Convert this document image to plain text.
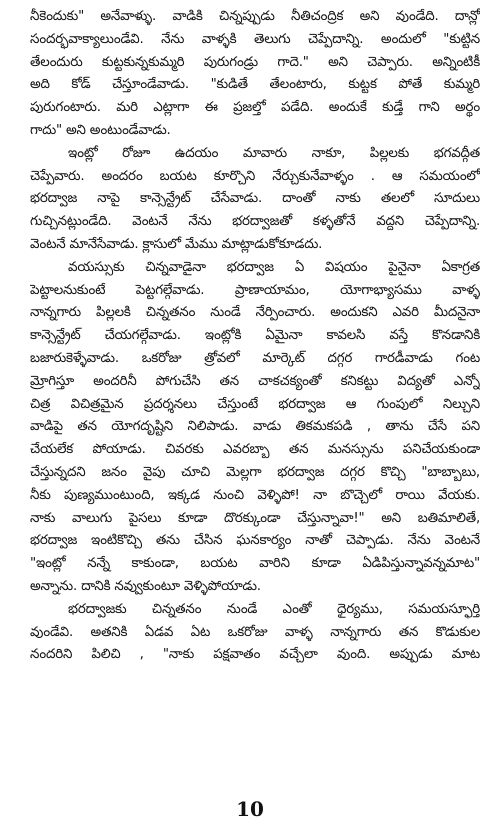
నీకెందుకు" అనేవాళ్ళు. వాడికి చిన్నప్పుడు నీతిచంద్రిక అని వుండేది. దాన్లో
సందర్భవాక్యాలుండేవి. నేను వాళ్ళకి తెలుగు చెప్పేదాన్ని. అందులో "కుట్టిన
తేలందురు కుట్టకున్నకుమ్మరి పురుగండ్రు గాదె." అని చెప్పారు. అన్నింటికీ
అది కోడ్ చేస్తూండేవాడు. "కుడితే తేలంటారు, కుట్టక పోతే కుమ్మరి
పురుగంటారు. మరి ఎట్లాగా ఈ ప్రజల్తో పడేది. అందుకే కుడ్తే గాని అర్థం
గాదు" అని అంటుండేవాడు.
ఇంట్లో రోజూ ఉదయం మావారు నాకూ, పిల్లలకు భగవద్గీత
చెప్పేవారు. అందరం బయట కూర్చొని నేర్చుకునేవాళ్ళం . ఆ సమయంలో
భరద్వాజ నాపై కాన్సెన్ట్రేట్ చేసేవాడు. దాంతో నాకు తలలో సూదులు
గుచ్చినట్లుండేది. వెంటనే నేను భరద్వాజతో కళ్ళతోనే వద్దని చెప్పేదాన్ని.
వెంటనే మానేసేవాడు. క్లాసులో మేము మాట్లాడుకోకూడదు.
వయస్సుకు చిన్నవాడైనా భరద్వాజ ఏ విషయం పైనైనా ఏకాగ్రత
పెట్టాలనుకుంటే పెట్టగల్గేవాడు. ప్రాణాయామం, యోగాభ్యాసము వాళ్ళ
నాన్నగారు పిల్లలకి చిన్నతనం నుండే నేర్పించారు. అందుకని ఎవరి మీదనైనా
కాన్సెన్ట్రేట్ చేయగల్గేవాడు. ఇంట్లోకి ఏమైనా కావలసి వస్తే కొనడానికి
బజారుకెళ్ళేవాడు. ఒకరోజు త్రోవలో మార్కెట్ దగ్గర గారడీవాడు గంట
మ్రోగిస్తూ అందరినీ పోగుచేసి తన చాకచక్యంతో కనికట్టు విద్యతో ఎన్నో
చిత్ర విచిత్రమైన ప్రదర్శనలు చేస్తుంటే భరద్వాజ ఆ గుంపులో నిల్చుని
వాడిపై తన యోగదృష్టిని నిలిపాడు. వాడు తికమకపడి , తాను చేసే పని
చేయలేక పోయాడు. చివరకు ఎవరబ్బా తన మనస్సును పనిచేయకుండా
చేస్తున్నదని జనం వైపు చూచి మెల్లగా భరద్వాజ దగ్గర కొచ్చి "బాబ్బాబు,
నీకు పుణ్యముంటుంది, ఇక్కడ నుంచి వెళ్ళిపో! నా బొచ్చెలో రాయి వేయకు.
నాకు వాలుగు పైసలు కూడా దొరక్కుండా చేస్తున్నావా!" అని బతిమాలితే,
భరద్వాజ ఇంటికొచ్చి తను చేసిన ఘనకార్యం నాతో చెప్పాడు. నేను వెంటనే
"ఇంట్లో నన్నే కాకుండా, బయట వారిని కూడా ఏడిపిస్తున్నావన్నమాట"
అన్నాను. దానికి నవ్వుకుంటూ వెళ్ళిపోయాడు.
భరద్వాజకు చిన్నతనం నుండే ఎంతో ధైర్యము, సమయస్ఫూర్తి
వుండేవి. అతనికి ఏడవ ఏట ఒకరోజు వాళ్ళ నాన్నగారు తన కొడుకుల
నందరిని పిలిచి , "నాకు పక్షవాతం వచ్చేలా వుంది. అప్పుడు మాట
10
